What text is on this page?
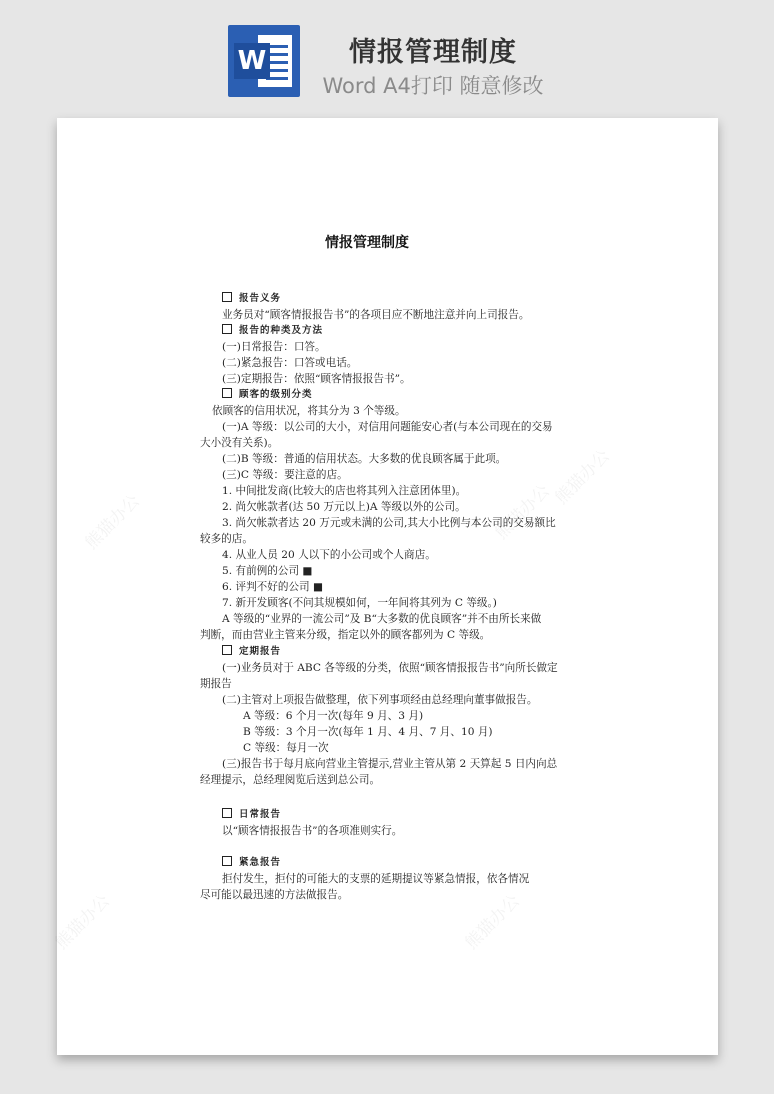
W	情报管理制度
Word A4打印 随意修改
熊猫办公	熊猫办公
熊猫办公
熊猫办公	熊猫办公
情报管理制度
报告义务
业务员对“顾客情报报告书”的各项目应不断地注意并向上司报告。
报告的种类及方法
(一)日常报告：口答。
(二)紧急报告：口答或电话。
(三)定期报告：依照“顾客情报报告书”。
顾客的级别分类
依顾客的信用状况，将其分为 3 个等级。
(一)A 等级：以公司的大小，对信用问题能安心者(与本公司现在的交易
大小没有关系)。
(二)B 等级：普通的信用状态。大多数的优良顾客属于此项。
(三)C 等级：要注意的店。
1. 中间批发商(比较大的店也将其列入注意团体里)。
2. 尚欠帐款者(达 50 万元以上)A 等级以外的公司。
3. 尚欠帐款者达 20 万元或未满的公司,其大小比例与本公司的交易额比
较多的店。
4. 从业人员 20 人以下的小公司或个人商店。
5. 有前例的公司 ■
6. 评判不好的公司 ■
7. 新开发顾客(不问其规模如何，一年间将其列为 C 等级。)
A 等级的“业界的一流公司”及 B“大多数的优良顾客”并不由所长来做
判断，而由营业主管来分级，指定以外的顾客都列为 C 等级。
定期报告
(一)业务员对于 ABC 各等级的分类，依照“顾客情报报告书”向所长做定
期报告
(二)主管对上项报告做整理，依下列事项经由总经理向董事做报告。
A 等级：6 个月一次(每年 9 月、3 月)
B 等级：3 个月一次(每年 1 月、4 月、7 月、10 月)
C 等级：每月一次
(三)报告书于每月底向营业主管提示,营业主管从第 2 天算起 5 日内向总
经理提示，总经理阅览后送到总公司。
日常报告
以“顾客情报报告书”的各项准则实行。
紧急报告
拒付发生，拒付的可能大的支票的延期提议等紧急情报，依各情况
尽可能以最迅速的方法做报告。
